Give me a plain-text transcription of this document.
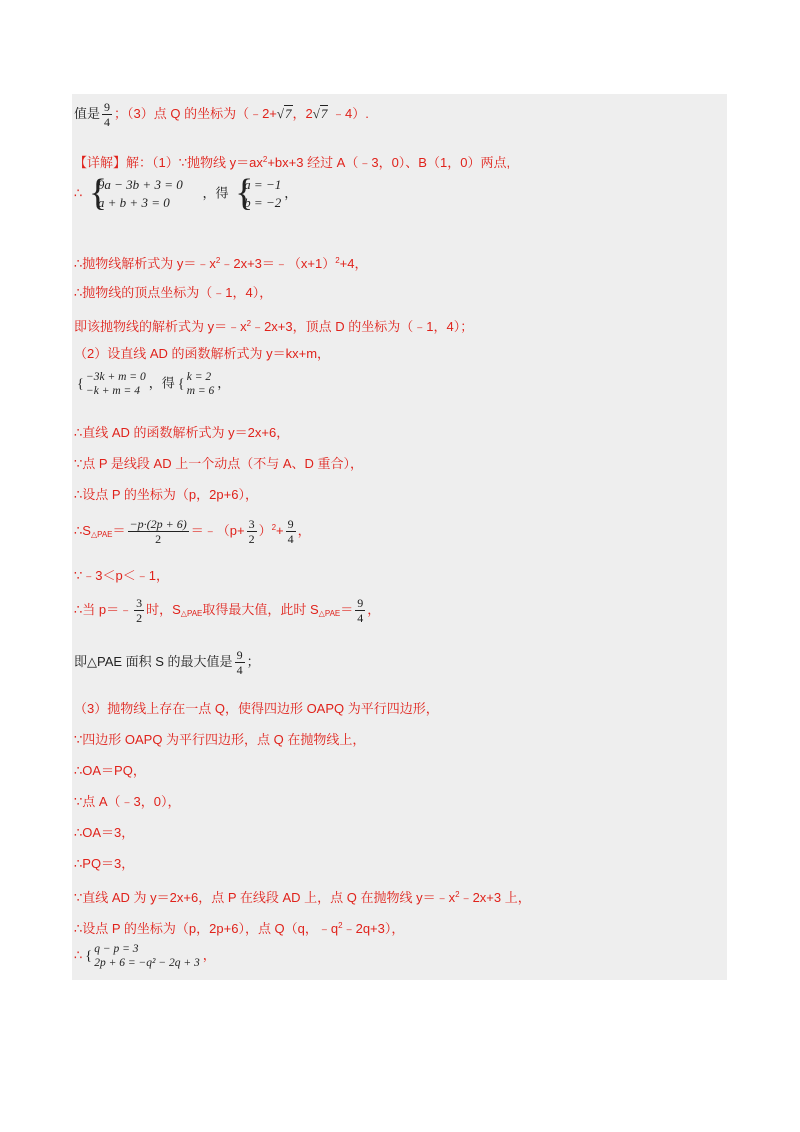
值是 $\frac{9}{4}$ ；（3）点 Q 的坐标为（﹣2+√7，2√7 ﹣4）.
【详解】解：（1）∵抛物线 $y=ax^2+bx+3$ 经过 A（﹣3，0）、B（1，0）两点,
∴ {
9a − 3b + 3 = 0
a + b + 3 = 0
，得 {
a = −1
b = −2
，
∴抛物线解析式为 $y=﹣x^2﹣2x+3=﹣(x+1)^2+4$，
∴抛物线的顶点坐标为（﹣1，4），
即该抛物线的解析式为 $y=﹣x^2﹣2x+3$，顶点 D 的坐标为（﹣1，4）；
（2）设直线 AD 的函数解析式为 y＝kx+m，
{ −3k + m = 0
−k + m = 4
，得 { k = 2
m = 6
，
∴直线 AD 的函数解析式为 y＝2x+6，
∵点 P 是线段 AD 上一个动点（不与 A、D 重合），
∴设点 P 的坐标为（p，2p+6），
$\therefore S_{\triangle PAE}= \frac{-p\cdot(2p + 6)}{2}$ ＝﹣（p+ $\frac{3}{2} )^2+ \frac{9}{4}$ ，
∵﹣3＜p＜﹣1，
∴当 p＝﹣ $\frac{3}{2}$ 时，$S_{\triangle PAE}$取得最大值，此时 $S_{\triangle PAE}= \frac{9}{4}$ ，
即△PAE 面积 S 的最大值是 $\frac{9}{4}$ ；
（3）抛物线上存在一点 Q，使得四边形 OAPQ 为平行四边形，
∵四边形 OAPQ 为平行四边形，点 Q 在抛物线上，
∴OA＝PQ，
∵点 A（﹣3，0），
∴OA＝3，
∴PQ＝3，
∵直线 AD 为 y＝2x+6，点 P 在线段 AD 上，点 Q 在抛物线 $y=﹣x^2﹣2x+3$ 上，
∴设点 P 的坐标为（p，2p+6），点 Q（q，$﹣q^2﹣2q+3$），
∴ { q − p = 3
2p + 6 = −q² − 2q + 3
，
